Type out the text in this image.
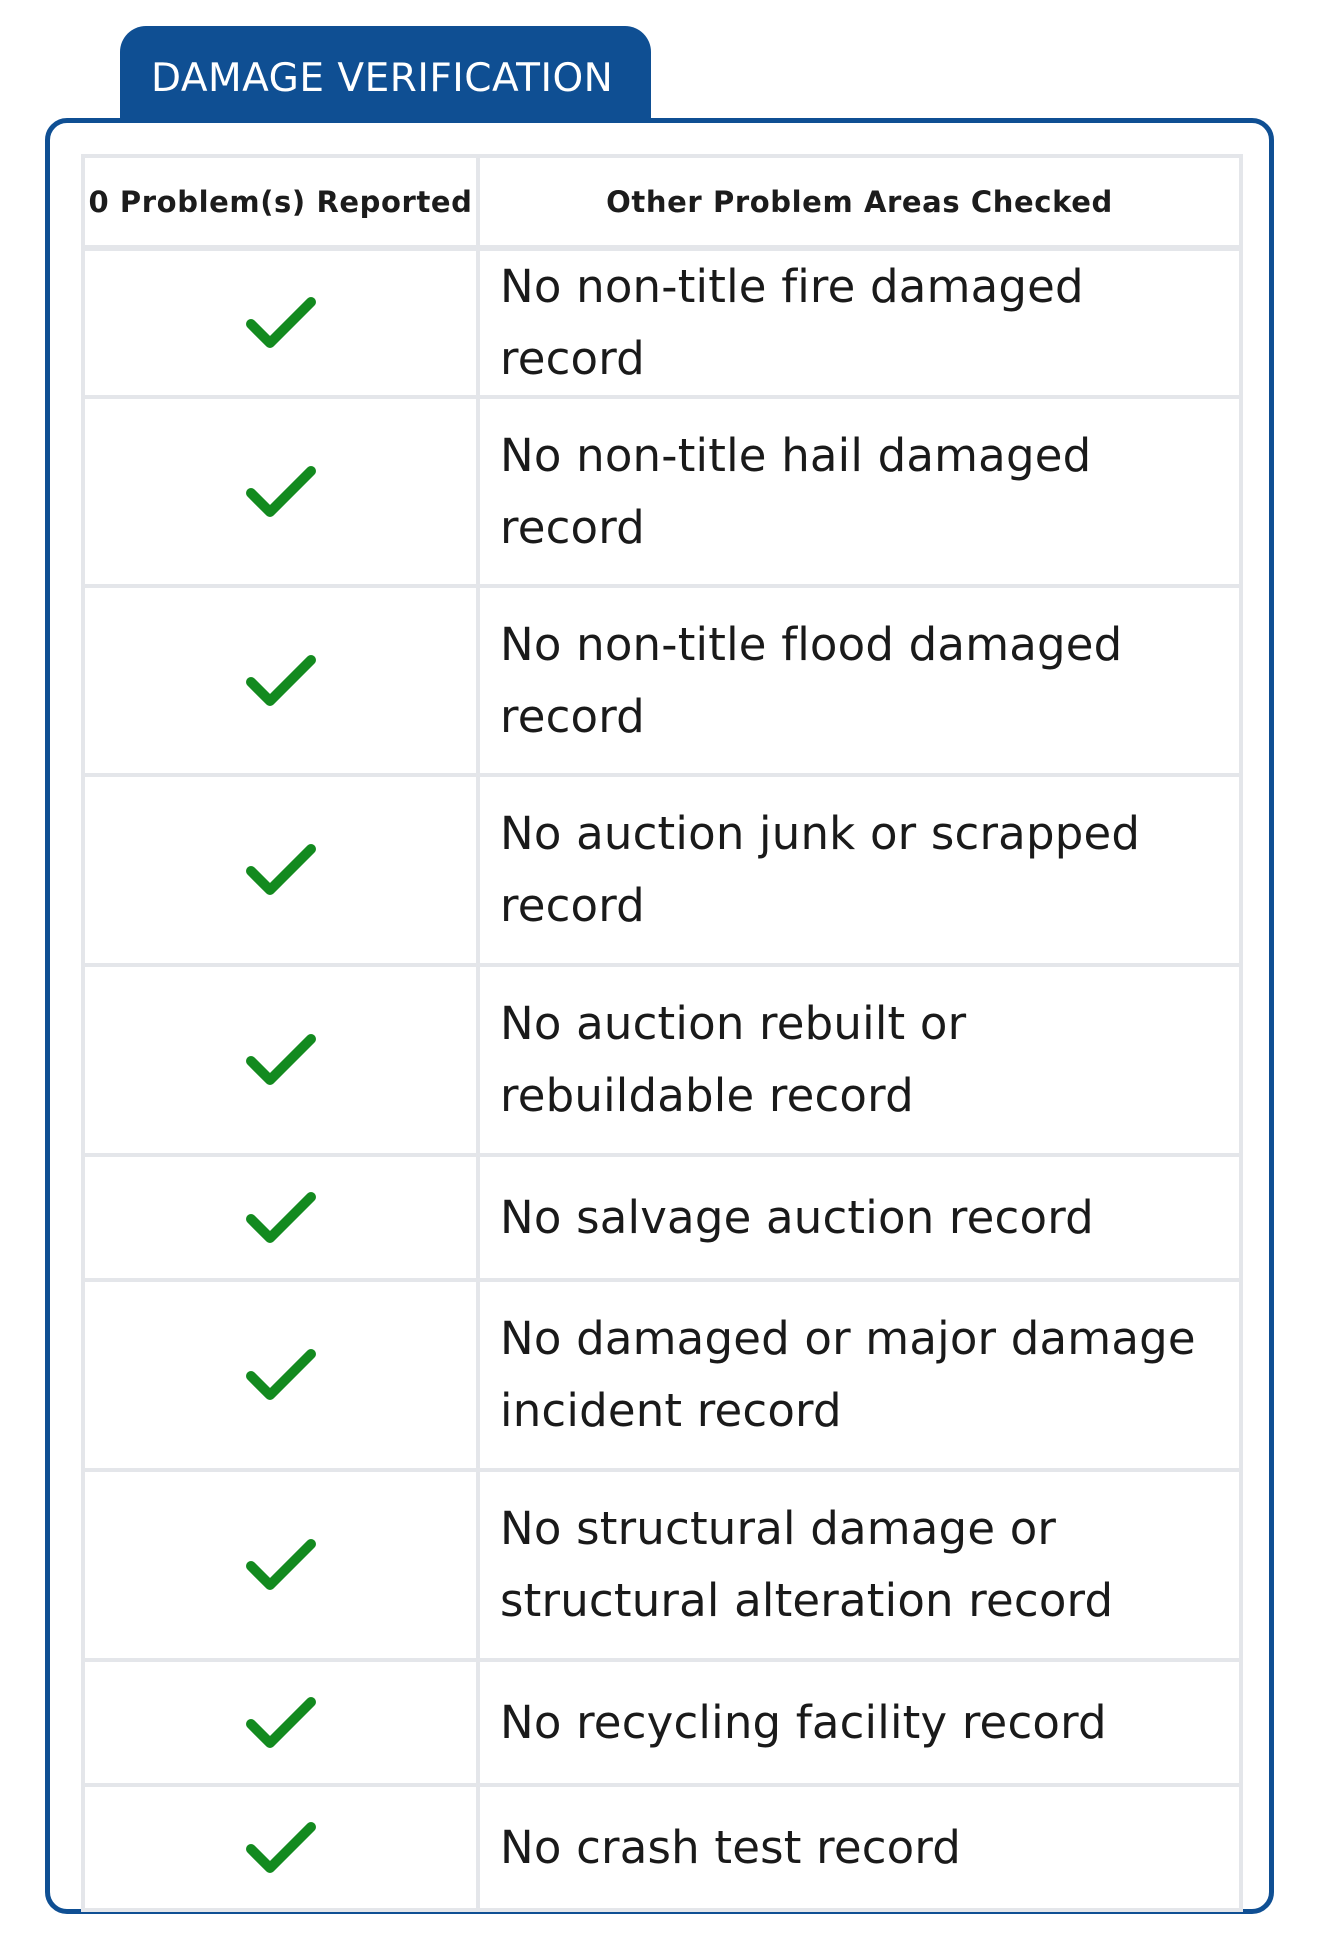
DAMAGE VERIFICATION
0 Problem(s) Reported	Other Problem Areas Checked
	No non-title fire damaged record
	No non-title hail damaged record
	No non-title flood damaged record
	No auction junk or scrapped record
	No auction rebuilt or rebuildable record
	No salvage auction record
	No damaged or major damage incident record
	No structural damage or structural alteration record
	No recycling facility record
	No crash test record
